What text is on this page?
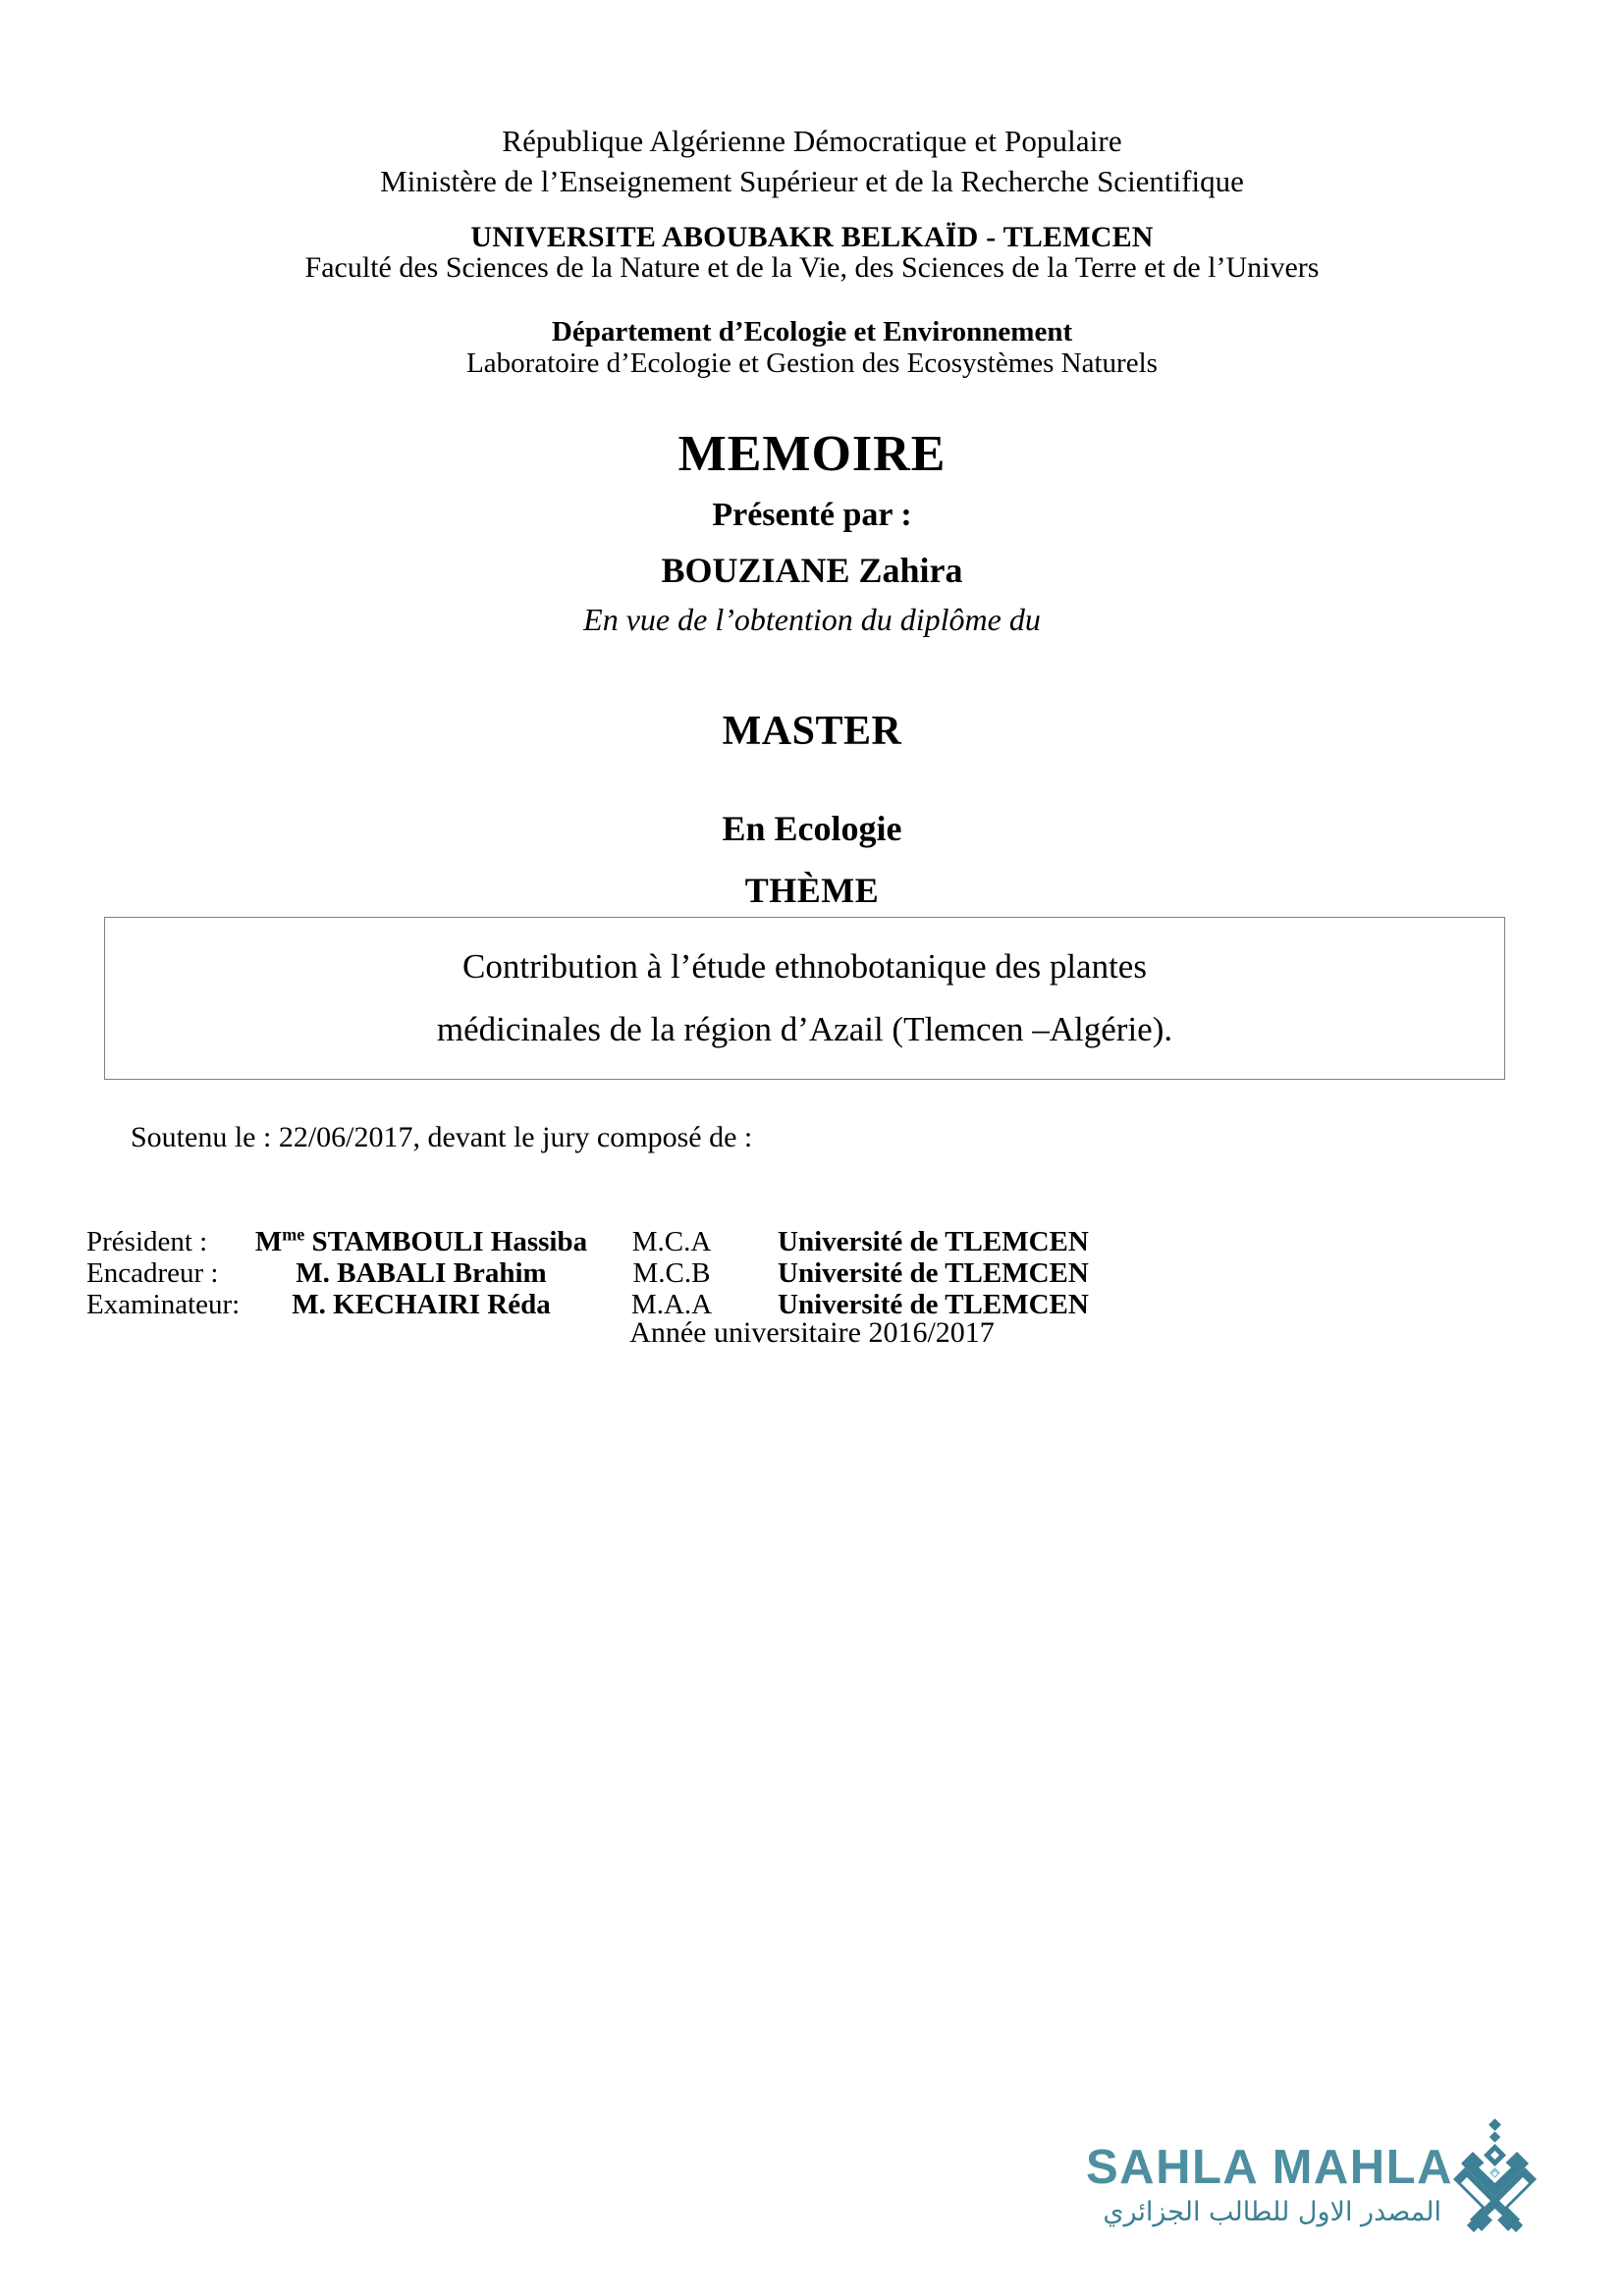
République Algérienne Démocratique et Populaire
Ministère de l’Enseignement Supérieur et de la Recherche Scientifique
UNIVERSITE ABOUBAKR BELKAÏD - TLEMCEN
Faculté des Sciences de la Nature et de la Vie, des Sciences de la Terre et de l’Univers
Département d’Ecologie et Environnement
Laboratoire d’Ecologie et Gestion des Ecosystèmes Naturels
MEMOIRE
Présenté par :
BOUZIANE Zahira
En vue de l’obtention du diplôme du
MASTER
En Ecologie
THÈME
Contribution à l’étude ethnobotanique des plantes
médicinales de la région d’Azail (Tlemcen –Algérie).
Soutenu le : 22/06/2017, devant le jury composé de :
Président :	$M^{me}$ STAMBOULI Hassiba	M.C.A	Université de TLEMCEN
Encadreur :	M. BABALI Brahim	M.C.B	Université de TLEMCEN
Examinateur:	M. KECHAIRI Réda	M.A.A	Université de TLEMCEN
Année universitaire 2016/2017
SAHLA MAHLA
المصدر الاول للطالب الجزائري
